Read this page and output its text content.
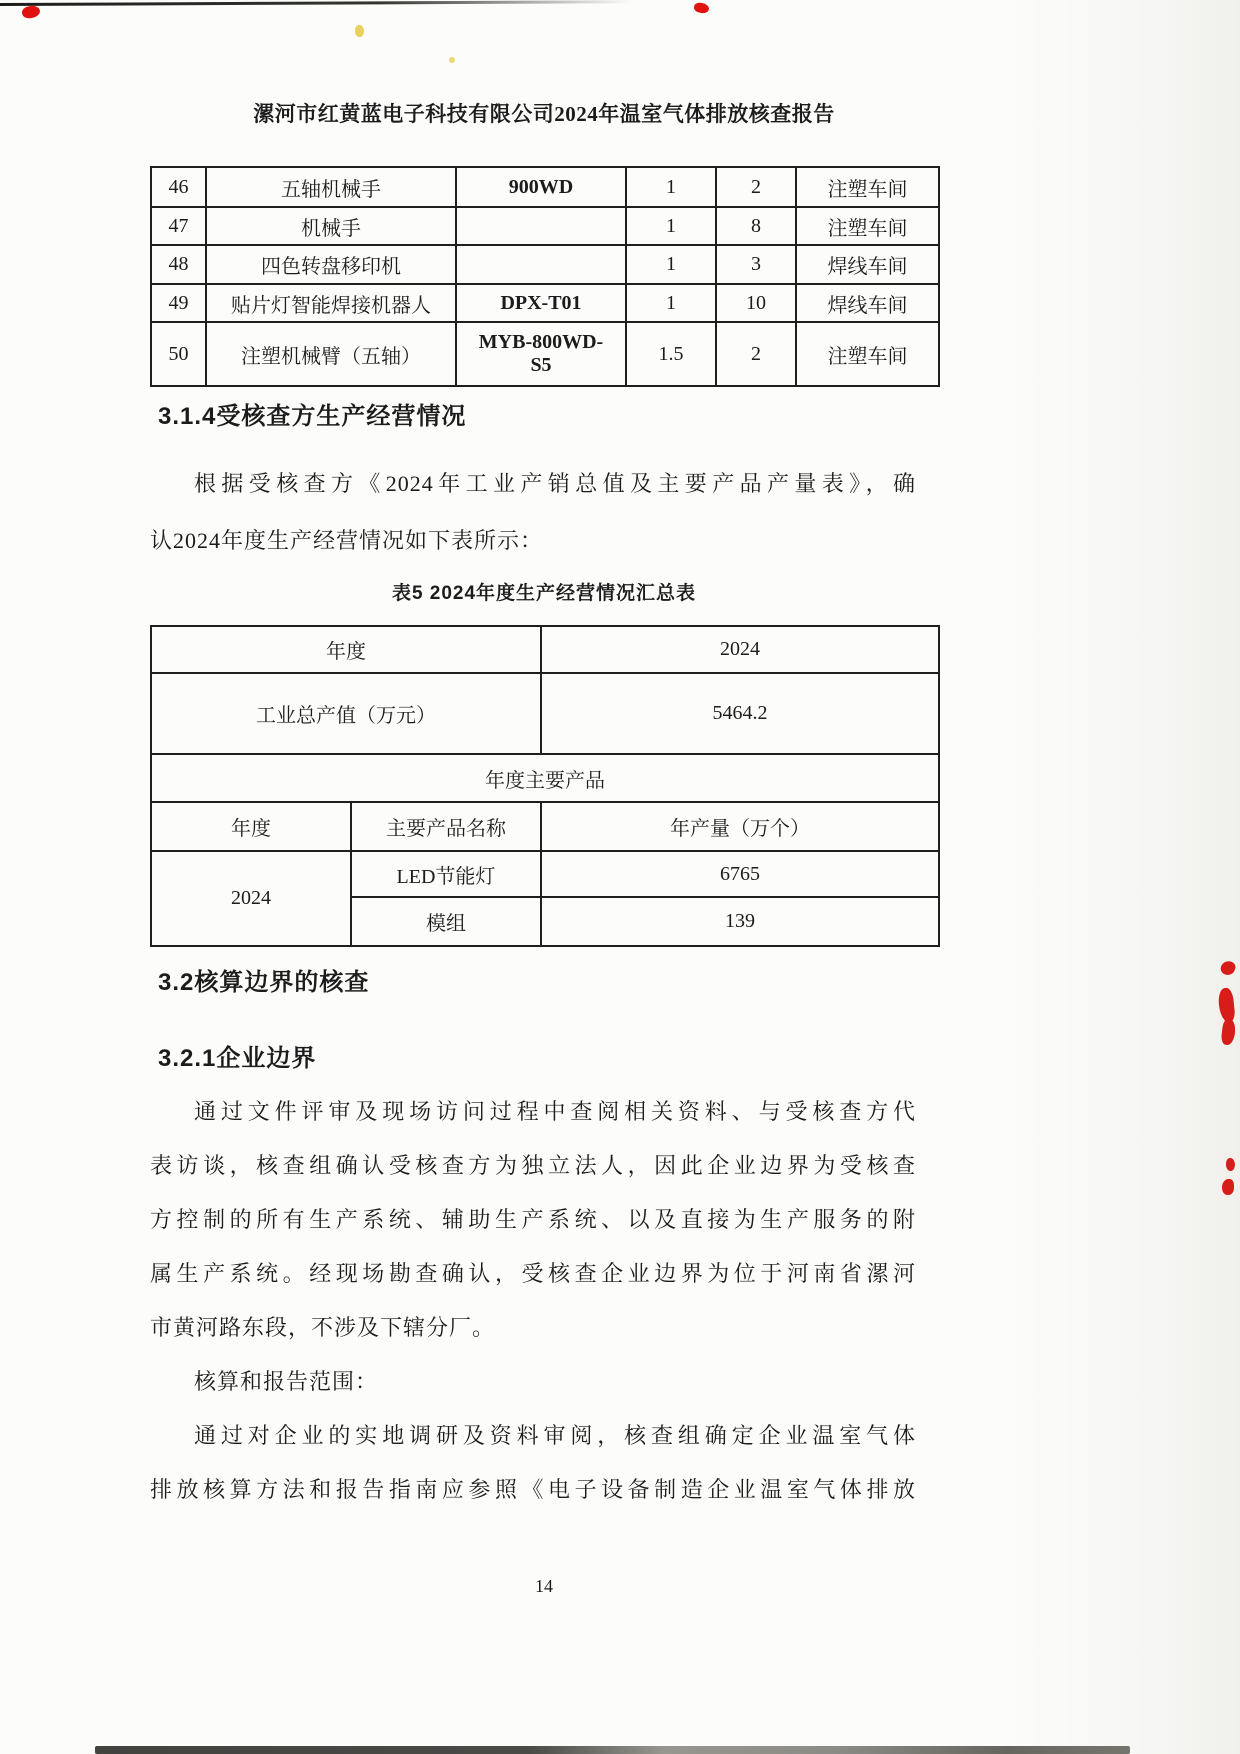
漯河市红黄蓝电子科技有限公司2024年温室气体排放核查报告
46	五轴机械手	900WD	1	2	注塑车间
47	机械手		1	8	注塑车间
48	四色转盘移印机		1	3	焊线车间
49	贴片灯智能焊接机器人	DPX-T01	1	10	焊线车间
50	注塑机械臂（五轴）	MYB-800WD-S5	1.5	2	注塑车间
3.1.4受核查方生产经营情况
根据受核查方《2024年工业产销总值及主要产品产量表》，确
认2024年度生产经营情况如下表所示：
表5 2024年度生产经营情况汇总表
年度		2024
工业总产值（万元）		5464.2
年度主要产品		
年度	主要产品名称	年产量（万个）
2024	LED节能灯	6765
	模组	139
3.2核算边界的核查
3.2.1企业边界
通过文件评审及现场访问过程中查阅相关资料、与受核查方代
表访谈，核查组确认受核查方为独立法人，因此企业边界为受核查
方控制的所有生产系统、辅助生产系统、以及直接为生产服务的附
属生产系统。经现场勘查确认，受核查企业边界为位于河南省漯河
市黄河路东段，不涉及下辖分厂。
核算和报告范围：
通过对企业的实地调研及资料审阅，核查组确定企业温室气体
排放核算方法和报告指南应参照《电子设备制造企业温室气体排放
14
